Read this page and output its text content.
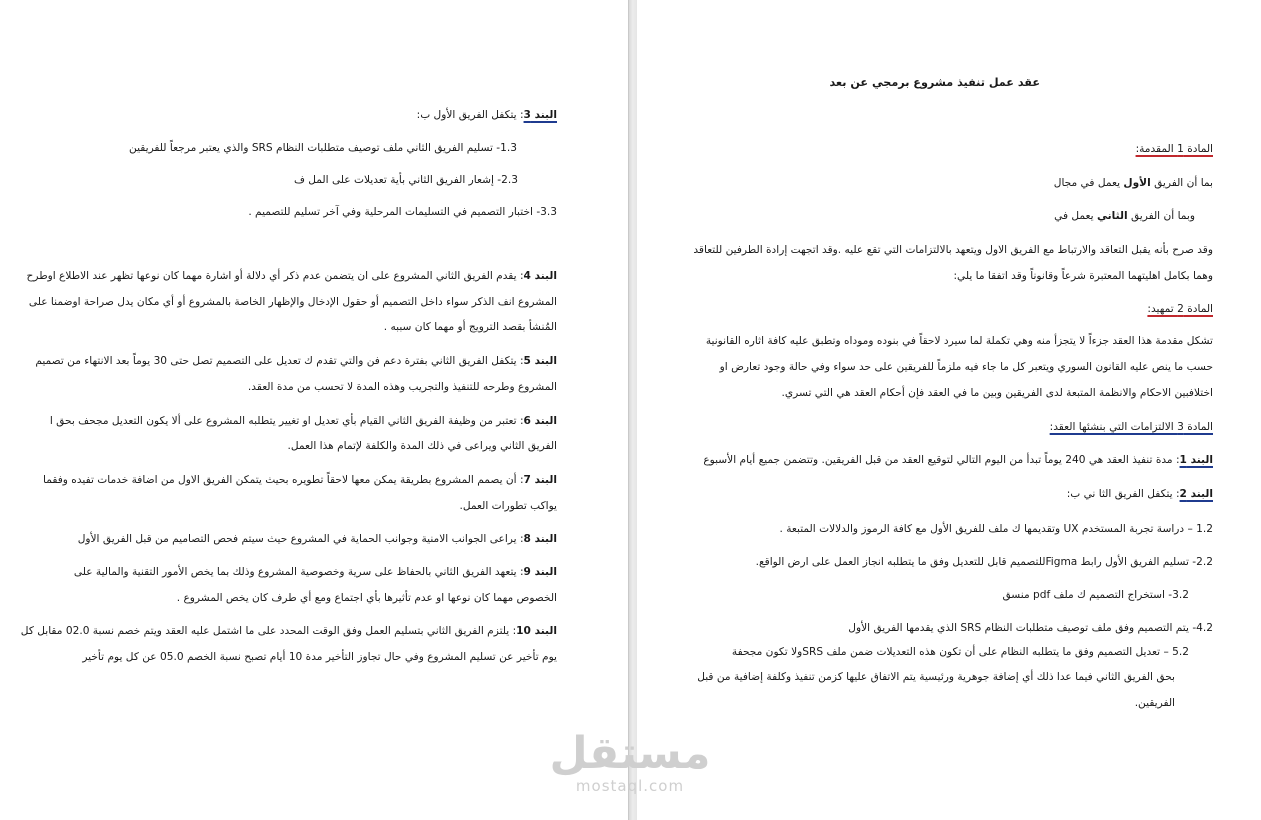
البند 3: يتكفل الفريق الأول ب:
1.3- تسليم الفريق الثاني ملف توصيف متطلبات النظام SRS والذي يعتبر مرجعاً للفريقين
2.3- إشعار الفريق الثاني بأية تعديلات على المل ف
3.3- اختبار التصميم في التسليمات المرحلية وفي آخر تسليم للتصميم .
البند 4: يقدم الفريق الثاني المشروع على ان يتضمن عدم ذكر أي دلالة أو اشارة مهما كان نوعها تظهر عند الاطلاع اوطرح
المشروع انف الذكر سواء داخل التصميم أو حقول الإدخال والإظهار الخاصة بالمشروع أو أي مكان يدل صراحة اوضمنا على
المُنشأ بقصد الترويج أو مهما كان سببه .
البند 5: يتكفل الفريق الثاني بفترة دعم فن والتي تقدم ك تعديل على التصميم تصل حتى 30 يوماً بعد الانتهاء من تصميم
المشروع وطرحه للتنفيذ والتجريب وهذه المدة لا تحسب من مدة العقد.
البند 6: تعتبر من وظيفة الفريق الثاني القيام بأي تعديل او تغيير يتطلبه المشروع على ألا يكون التعديل مجحف بحق ا
الفريق الثاني ويراعى في ذلك المدة والكلفة لإتمام هذا العمل.
البند 7: أن يصمم المشروع بطريقة يمكن معها لاحقاً تطويره بحيث يتمكن الفريق الاول من اضافة خدمات تفيده وفقما
يواكب تطورات العمل.
البند 8: يراعى الجوانب الامنية وجوانب الحماية في المشروع حيث سيتم فحص التصاميم من قبل الفريق الأول
البند 9: يتعهد الفريق الثاني بالحفاظ على سرية وخصوصية المشروع وذلك بما يخص الأمور التقنية والمالية على
الخصوص مهما كان نوعها او عدم تأثيرها بأي اجتماع ومع أي طرف كان يخص المشروع .
البند 10: يلتزم الفريق الثاني بتسليم العمل وفق الوقت المحدد على ما اشتمل عليه العقد ويتم خصم نسبة 02.0 مقابل كل
يوم تأخير عن تسليم المشروع وفي حال تجاوز التأخير مدة 10 أيام تصبح نسبة الخصم 05.0 عن كل يوم تأخير
عقد عمل تنفيذ مشروع برمجي عن بعد
المادة 1 المقدمة:
بما أن الفريق الأول يعمل في مجال
وبما أن الفريق الثاني يعمل في
وقد صرح بأنه يقبل التعاقد والارتباط مع الفريق الاول ويتعهد بالالتزامات التي تقع عليه .وقد اتجهت إرادة الطرفين للتعاقد
وهما بكامل اهليتهما المعتبرة شرعاً وقانوناً وقد اتفقا ما يلي:
المادة 2 تمهيد:
تشكل مقدمة هذا العقد جزءاً لا يتجزأ منه وهي تكملة لما سيرد لاحقاً في بنوده وموداه وتطبق عليه كافة اثاره القانونية
حسب ما ينص عليه القانون السوري ويتعبر كل ما جاء فيه ملزماً للفريقين على حد سواء وفي حالة وجود تعارض او
اختلافبين الاحكام والانظمة المتبعة لدى الفريقين وبين ما في العقد فإن أحكام العقد هي التي تسري.
المادة 3 الالتزامات التي بنشئها العقد:
البند 1: مدة تنفيذ العقد هي 240 يوماً تبدأ من اليوم التالي لتوقيع العقد من قبل الفريقين. وتتضمن جميع أيام الأسبوع
البند 2: يتكفل الفريق الثا ني ب:
1.2 – دراسة تجربة المستخدم UX وتقديمها ك ملف للفريق الأول مع كافة الرموز والدلالات المتبعة .
2.2- تسليم الفريق الأول رابط Figmaللتصميم قابل للتعديل وفق ما يتطلبه انجاز العمل على ارض الواقع.
3.2- استخراج التصميم ك ملف pdf منسق
4.2- يتم التصميم وفق ملف توصيف متطلبات النظام SRS الذي يقدمها الفريق الأول
5.2 – تعديل التصميم وفق ما يتطلبه النظام على أن تكون هذه التعديلات ضمن ملف SRSولا تكون مجحفة
بحق الفريق الثاني فيما عدا ذلك أي إضافة جوهرية ورئيسية يتم الاتفاق عليها كزمن تنفيذ وكلفة إضافية من قبل
الفريقين.
مستقل
mostaql.com
